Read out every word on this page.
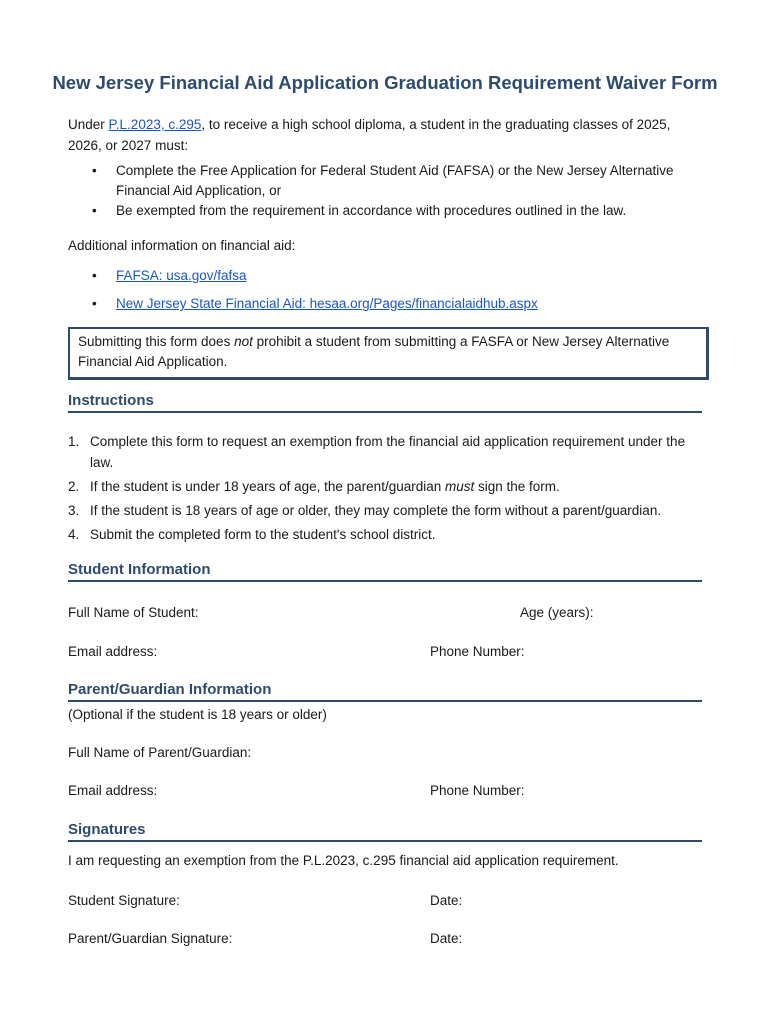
New Jersey Financial Aid Application Graduation Requirement Waiver Form
Under P.L.2023, c.295, to receive a high school diploma, a student in the graduating classes of 2025, 2026, or 2027 must:
• Complete the Free Application for Federal Student Aid (FAFSA) or the New Jersey Alternative Financial Aid Application, or
• Be exempted from the requirement in accordance with procedures outlined in the law.
Additional information on financial aid:
• FAFSA: usa.gov/fafsa
• New Jersey State Financial Aid: hesaa.org/Pages/financialaidhub.aspx
Submitting this form does not prohibit a student from submitting a FASFA or New Jersey Alternative Financial Aid Application.
Instructions
1. Complete this form to request an exemption from the financial aid application requirement under the law.
2. If the student is under 18 years of age, the parent/guardian must sign the form.
3. If the student is 18 years of age or older, they may complete the form without a parent/guardian.
4. Submit the completed form to the student's school district.
Student Information
Full Name of Student:	Age (years):
Email address:	Phone Number:
Parent/Guardian Information
(Optional if the student is 18 years or older)
Full Name of Parent/Guardian:
Email address:	Phone Number:
Signatures
I am requesting an exemption from the P.L.2023, c.295 financial aid application requirement.
Student Signature:	Date:
Parent/Guardian Signature:	Date:
